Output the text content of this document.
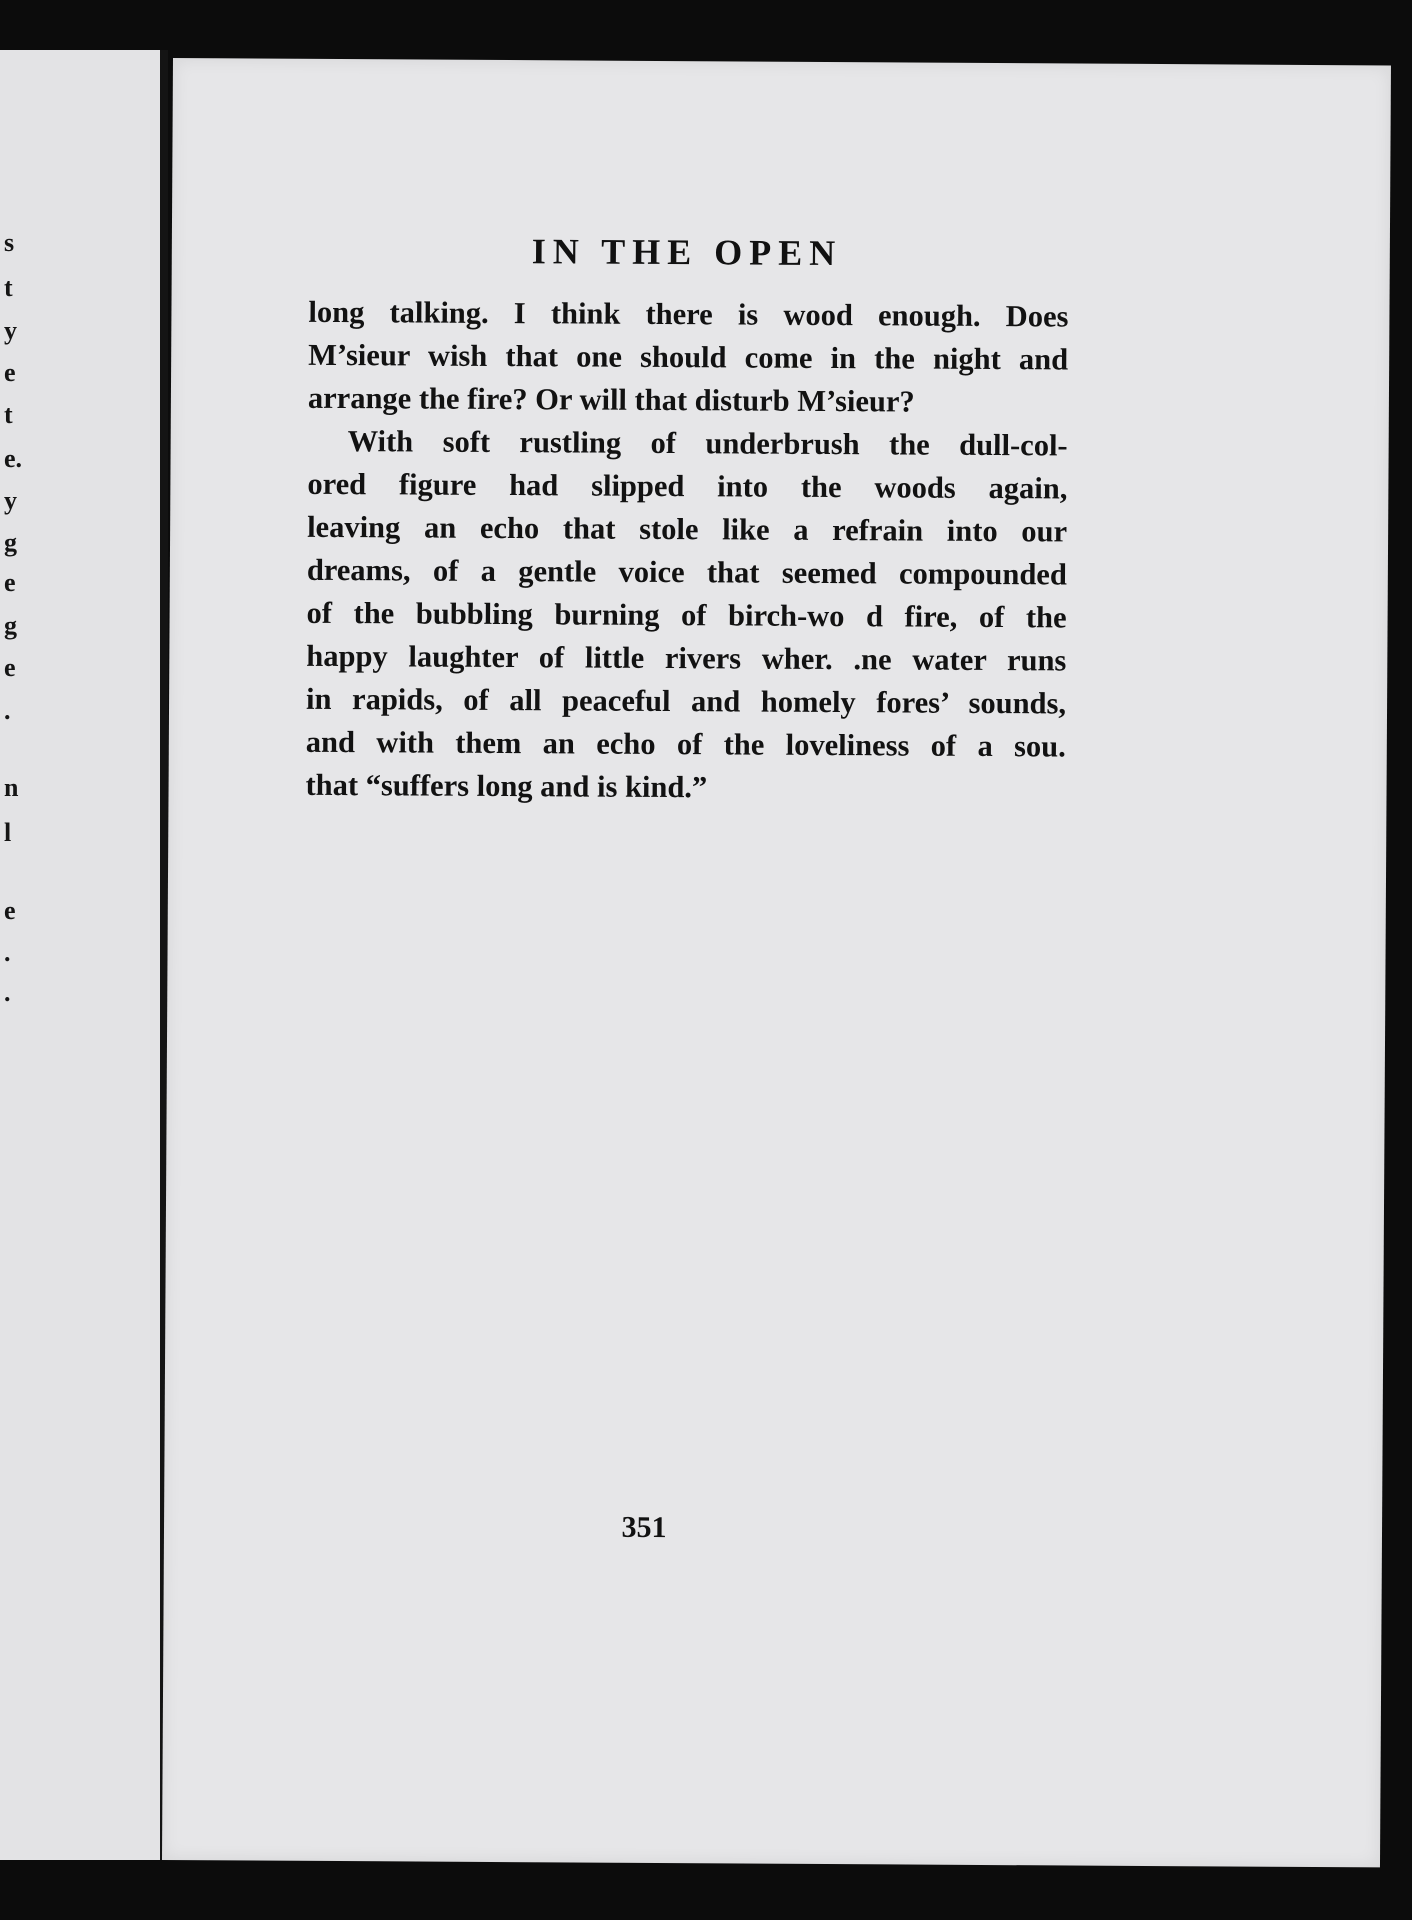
s
t
y
e
t
e.
y
g
e
g
e
.
n
l
e
.
.
IN THE OPEN

long talking. I think there is wood enough. Does

M’sieur wish that one should come in the night and

arrange the fire? Or will that disturb M’sieur?

With soft rustling of underbrush the dull-col-

ored figure had slipped into the woods again,

leaving an echo that stole like a refrain into our

dreams, of a gentle voice that seemed compounded

of the bubbling burning of birch-wo d fire, of the

happy laughter of little rivers wher. .ne water runs

in rapids, of all peaceful and homely fores’ sounds,

and with them an echo of the loveliness of a sou.

that “suffers long and is kind.”

351
